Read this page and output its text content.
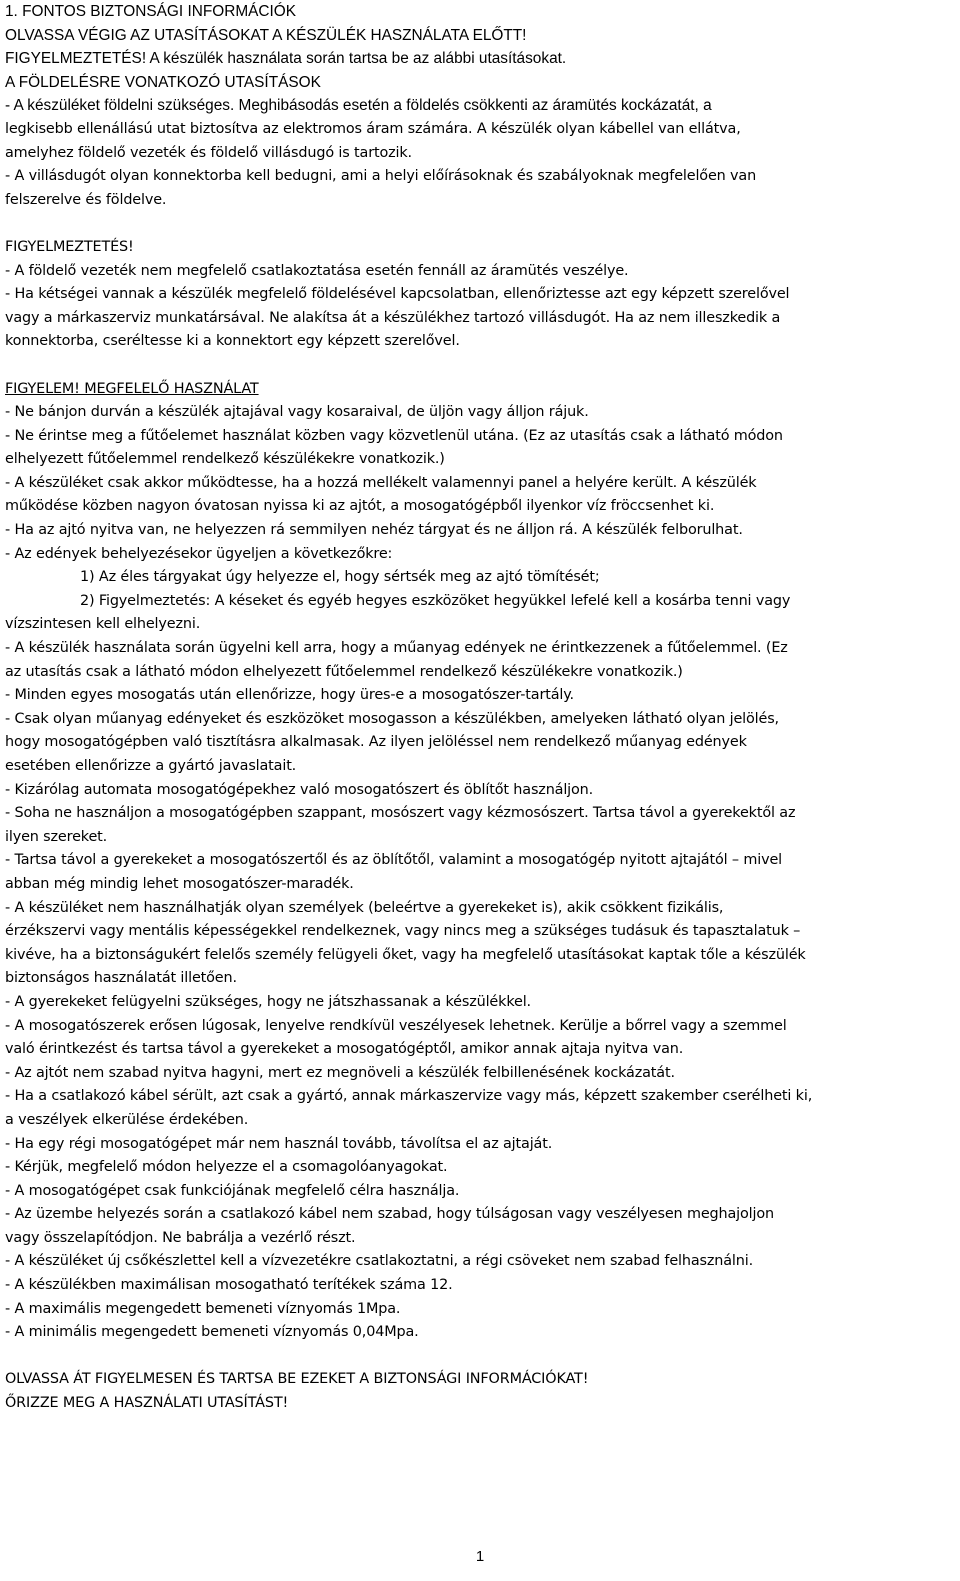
1. FONTOS BIZTONSÁGI INFORMÁCIÓK
OLVASSA VÉGIG AZ UTASÍTÁSOKAT A KÉSZÜLÉK HASZNÁLATA ELŐTT!
FIGYELMEZTETÉS! A készülék használata során tartsa be az alábbi utasításokat.
A FÖLDELÉSRE VONATKOZÓ UTASÍTÁSOK
- A készüléket földelni szükséges. Meghibásodás esetén a földelés csökkenti az áramütés kockázatát, a
legkisebb ellenállású utat biztosítva az elektromos áram számára. A készülék olyan kábellel van ellátva,
amelyhez földelő vezeték és földelő villásdugó is tartozik.
- A villásdugót olyan konnektorba kell bedugni, ami a helyi előírásoknak és szabályoknak megfelelően van
felszerelve és földelve.
FIGYELMEZTETÉS!
- A földelő vezeték nem megfelelő csatlakoztatása esetén fennáll az áramütés veszélye.
- Ha kétségei vannak a készülék megfelelő földelésével kapcsolatban, ellenőriztesse azt egy képzett szerelővel
vagy a márkaszerviz munkatársával. Ne alakítsa át a készülékhez tartozó villásdugót. Ha az nem illeszkedik a
konnektorba, cseréltesse ki a konnektort egy képzett szerelővel.
FIGYELEM! MEGFELELŐ HASZNÁLAT
- Ne bánjon durván a készülék ajtajával vagy kosaraival, de üljön vagy álljon rájuk.
- Ne érintse meg a fűtőelemet használat közben vagy közvetlenül utána. (Ez az utasítás csak a látható módon
elhelyezett fűtőelemmel rendelkező készülékekre vonatkozik.)
- A készüléket csak akkor működtesse, ha a hozzá mellékelt valamennyi panel a helyére került. A készülék
működése közben nagyon óvatosan nyissa ki az ajtót, a mosogatógépből ilyenkor víz fröccsenhet ki.
- Ha az ajtó nyitva van, ne helyezzen rá semmilyen nehéz tárgyat és ne álljon rá. A készülék felborulhat.
- Az edények behelyezésekor ügyeljen a következőkre:
1) Az éles tárgyakat úgy helyezze el, hogy sértsék meg az ajtó tömítését;
2) Figyelmeztetés: A késeket és egyéb hegyes eszközöket hegyükkel lefelé kell a kosárba tenni vagy
vízszintesen kell elhelyezni.
- A készülék használata során ügyelni kell arra, hogy a műanyag edények ne érintkezzenek a fűtőelemmel. (Ez
az utasítás csak a látható módon elhelyezett fűtőelemmel rendelkező készülékekre vonatkozik.)
- Minden egyes mosogatás után ellenőrizze, hogy üres-e a mosogatószer-tartály.
- Csak olyan műanyag edényeket és eszközöket mosogasson a készülékben, amelyeken látható olyan jelölés,
hogy mosogatógépben való tisztításra alkalmasak. Az ilyen jelöléssel nem rendelkező műanyag edények
esetében ellenőrizze a gyártó javaslatait.
- Kizárólag automata mosogatógépekhez való mosogatószert és öblítőt használjon.
- Soha ne használjon a mosogatógépben szappant, mosószert vagy kézmosószert. Tartsa távol a gyerekektől az
ilyen szereket.
- Tartsa távol a gyerekeket a mosogatószertől és az öblítőtől, valamint a mosogatógép nyitott ajtajától – mivel
abban még mindig lehet mosogatószer-maradék.
- A készüléket nem használhatják olyan személyek (beleértve a gyerekeket is), akik csökkent fizikális,
érzékszervi vagy mentális képességekkel rendelkeznek, vagy nincs meg a szükséges tudásuk és tapasztalatuk –
kivéve, ha a biztonságukért felelős személy felügyeli őket, vagy ha megfelelő utasításokat kaptak tőle a készülék
biztonságos használatát illetően.
- A gyerekeket felügyelni szükséges, hogy ne játszhassanak a készülékkel.
- A mosogatószerek erősen lúgosak, lenyelve rendkívül veszélyesek lehetnek. Kerülje a bőrrel vagy a szemmel
való érintkezést és tartsa távol a gyerekeket a mosogatógéptől, amikor annak ajtaja nyitva van.
- Az ajtót nem szabad nyitva hagyni, mert ez megnöveli a készülék felbillenésének kockázatát.
- Ha a csatlakozó kábel sérült, azt csak a gyártó, annak márkaszervize vagy más, képzett szakember cserélheti ki,
a veszélyek elkerülése érdekében.
- Ha egy régi mosogatógépet már nem használ tovább, távolítsa el az ajtaját.
- Kérjük, megfelelő módon helyezze el a csomagolóanyagokat.
- A mosogatógépet csak funkciójának megfelelő célra használja.
- Az üzembe helyezés során a csatlakozó kábel nem szabad, hogy túlságosan vagy veszélyesen meghajoljon
vagy összelapítódjon. Ne babrálja a vezérlő részt.
- A készüléket új csőkészlettel kell a vízvezetékre csatlakoztatni, a régi csöveket nem szabad felhasználni.
- A készülékben maximálisan mosogatható terítékek száma 12.
- A maximális megengedett bemeneti víznyomás 1Mpa.
- A minimális megengedett bemeneti víznyomás 0,04Mpa.
OLVASSA ÁT FIGYELMESEN ÉS TARTSA BE EZEKET A BIZTONSÁGI INFORMÁCIÓKAT!
ŐRIZZE MEG A HASZNÁLATI UTASÍTÁST!
1
